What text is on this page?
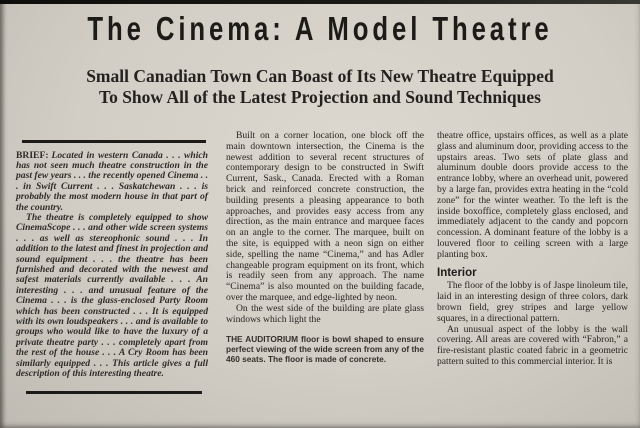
The Cinema: A Model Theatre
Small Canadian Town Can Boast of Its New Theatre Equipped
To Show All of the Latest Projection and Sound Techniques

BRIEF: Located in western Canada . . . which has not seen much theatre construction in the past few years . . . the recently opened Cinema . . . in Swift Current . . . Saskatchewan . . . is probably the most modern house in that part of the country.

The theatre is completely equipped to show CinemaScope . . . and other wide screen systems . . . as well as stereophonic sound . . . In addition to the latest and finest in projection and sound equipment . . . the theatre has been furnished and decorated with the newest and safest materials currently available . . . An interesting . . . and unusual feature of the Cinema . . . is the glass-enclosed Party Room which has been constructed . . . It is equipped with its own loudspeakers . . . and is available to groups who would like to have the luxury of a private theatre party . . . completely apart from the rest of the house . . . A Cry Room has been similarly equipped . . . This article gives a full description of this interesting theatre.

Built on a corner location, one block off the main downtown intersection, the Cinema is the newest addition to several recent structures of contemporary design to be constructed in Swift Current, Sask., Canada. Erected with a Roman brick and reinforced concrete construction, the building presents a pleasing appearance to both approaches, and provides easy access from any direction, as the main entrance and marquee faces on an angle to the corner. The marquee, built on the site, is equipped with a neon sign on either side, spelling the name “Cinema,” and has Adler changeable program equipment on its front, which is readily seen from any approach. The name “Cinema” is also mounted on the building facade, over the marquee, and edge-lighted by neon.

On the west side of the building are plate glass windows which light the

THE AUDITORIUM floor is bowl shaped to ensure perfect viewing of the wide screen from any of the 460 seats. The floor is made of concrete.

theatre office, upstairs offices, as well as a plate glass and aluminum door, providing access to the upstairs areas. Two sets of plate glass and aluminum double doors provide access to the entrance lobby, where an overhead unit, powered by a large fan, provides extra heating in the “cold zone” for the winter weather. To the left is the inside boxoffice, completely glass enclosed, and immediately adjacent to the candy and popcorn concession. A dominant feature of the lobby is a louvered floor to ceiling screen with a large planting box.

Interior

The floor of the lobby is of Jaspe linoleum tile, laid in an interesting design of three colors, dark brown field, grey stripes and large yellow squares, in a directional pattern.

An unusual aspect of the lobby is the wall covering. All areas are covered with “Fabron,” a fire-resistant plastic coated fabric in a geometric pattern suited to this commercial interior. It is
